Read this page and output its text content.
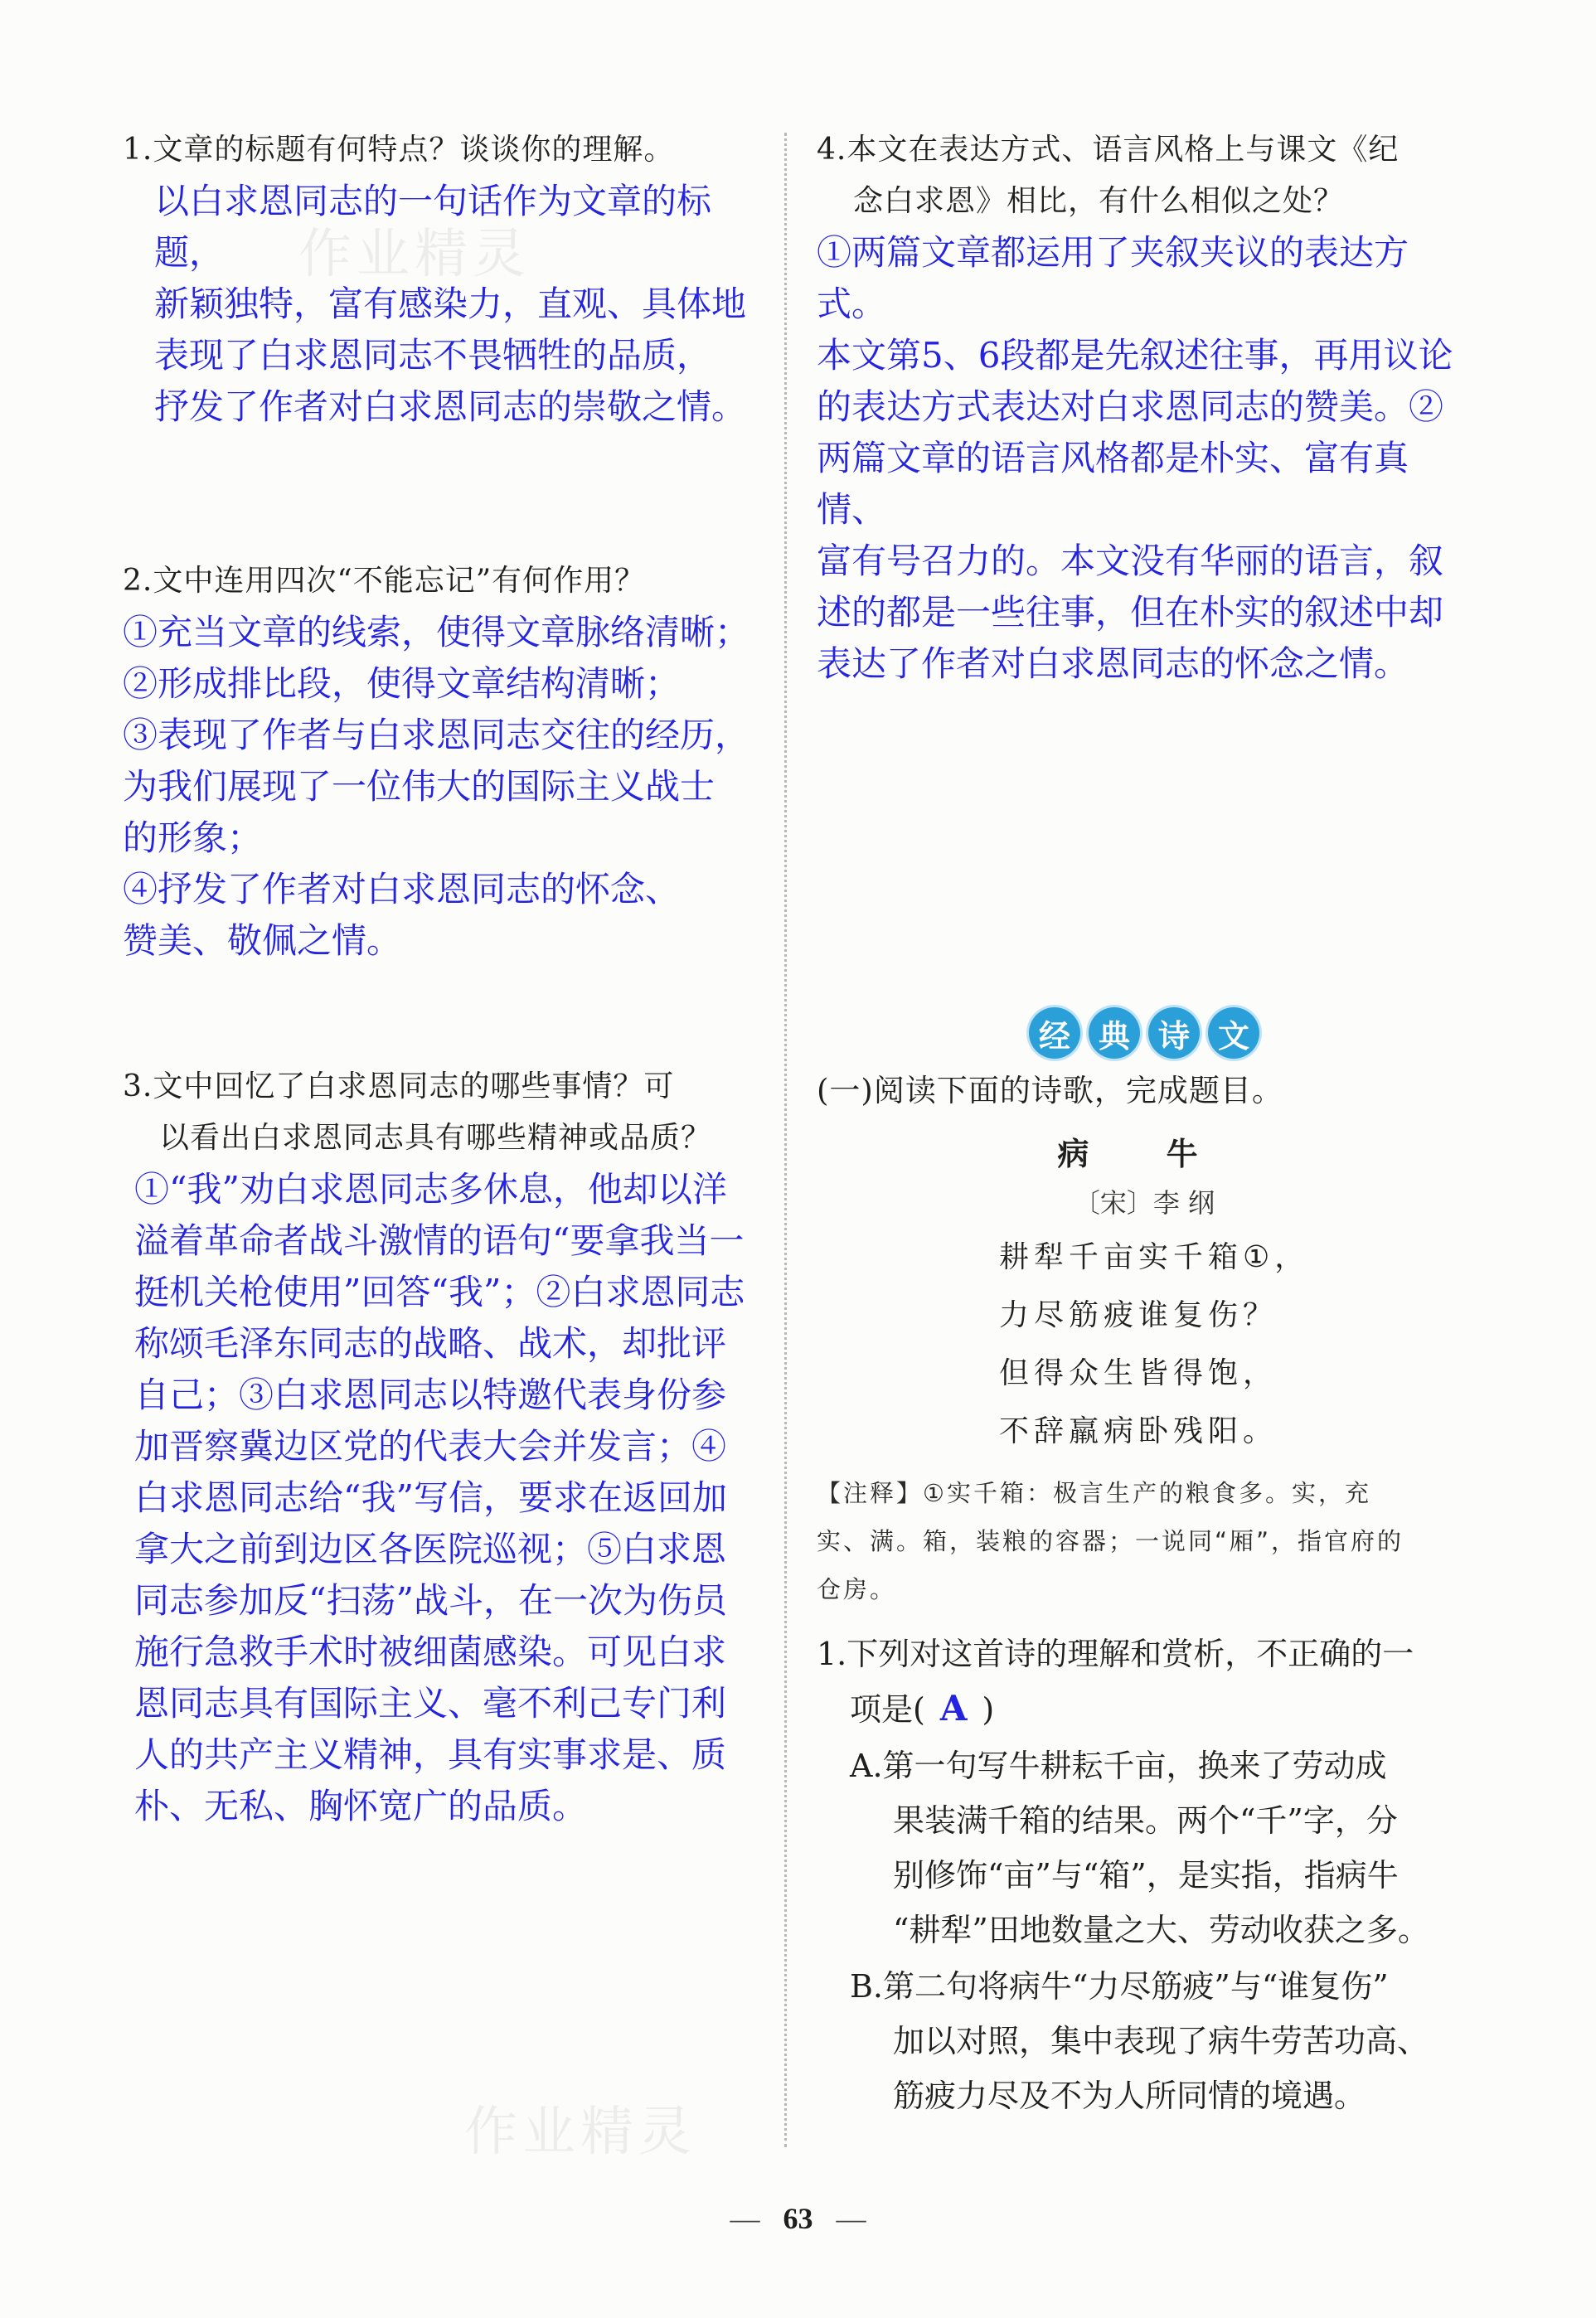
作业精灵
作业精灵

1.文章的标题有何特点？谈谈你的理解。

以白求恩同志的一句话作为文章的标题，

新颖独特，富有感染力，直观、具体地

表现了白求恩同志不畏牺牲的品质，

抒发了作者对白求恩同志的崇敬之情。

2.文中连用四次“不能忘记”有何作用？

①充当文章的线索，使得文章脉络清晰；

②形成排比段，使得文章结构清晰；

③表现了作者与白求恩同志交往的经历，

为我们展现了一位伟大的国际主义战士

的形象；

④抒发了作者对白求恩同志的怀念、

赞美、敬佩之情。

3.文中回忆了白求恩同志的哪些事情？可
以看出白求恩同志具有哪些精神或品质？

①“我”劝白求恩同志多休息，他却以洋

溢着革命者战斗激情的语句“要拿我当一

挺机关枪使用”回答“我”；②白求恩同志

称颂毛泽东同志的战略、战术，却批评

自己；③白求恩同志以特邀代表身份参

加晋察冀边区党的代表大会并发言；④

白求恩同志给“我”写信，要求在返回加

拿大之前到边区各医院巡视；⑤白求恩

同志参加反“扫荡”战斗，在一次为伤员

施行急救手术时被细菌感染。可见白求

恩同志具有国际主义、毫不利己专门利

人的共产主义精神，具有实事求是、质

朴、无私、胸怀宽广的品质。

4.本文在表达方式、语言风格上与课文《纪
念白求恩》相比，有什么相似之处？

①两篇文章都运用了夹叙夹议的表达方式。

本文第5、6段都是先叙述往事，再用议论

的表达方式表达对白求恩同志的赞美。②

两篇文章的语言风格都是朴实、富有真情、

富有号召力的。本文没有华丽的语言，叙

述的都是一些往事，但在朴实的叙述中却

表达了作者对白求恩同志的怀念之情。

经 典 诗 文

(一)阅读下面的诗歌，完成题目。

病 牛
〔宋〕李 纲
耕犁千亩实千箱①，
力尽筋疲谁复伤？
但得众生皆得饱，
不辞羸病卧残阳。
【注释】①实千箱：极言生产的粮食多。实，充
实、满。箱，装粮的容器；一说同“厢”，指官府的
仓房。
1.下列对这首诗的理解和赏析，不正确的一
项是( A )
A.第一句写牛耕耘千亩，换来了劳动成
果装满千箱的结果。两个“千”字，分
别修饰“亩”与“箱”，是实指，指病牛
“耕犁”田地数量之大、劳动收获之多。
B.第二句将病牛“力尽筋疲”与“谁复伤”
加以对照，集中表现了病牛劳苦功高、
筋疲力尽及不为人所同情的境遇。
— 63 —
